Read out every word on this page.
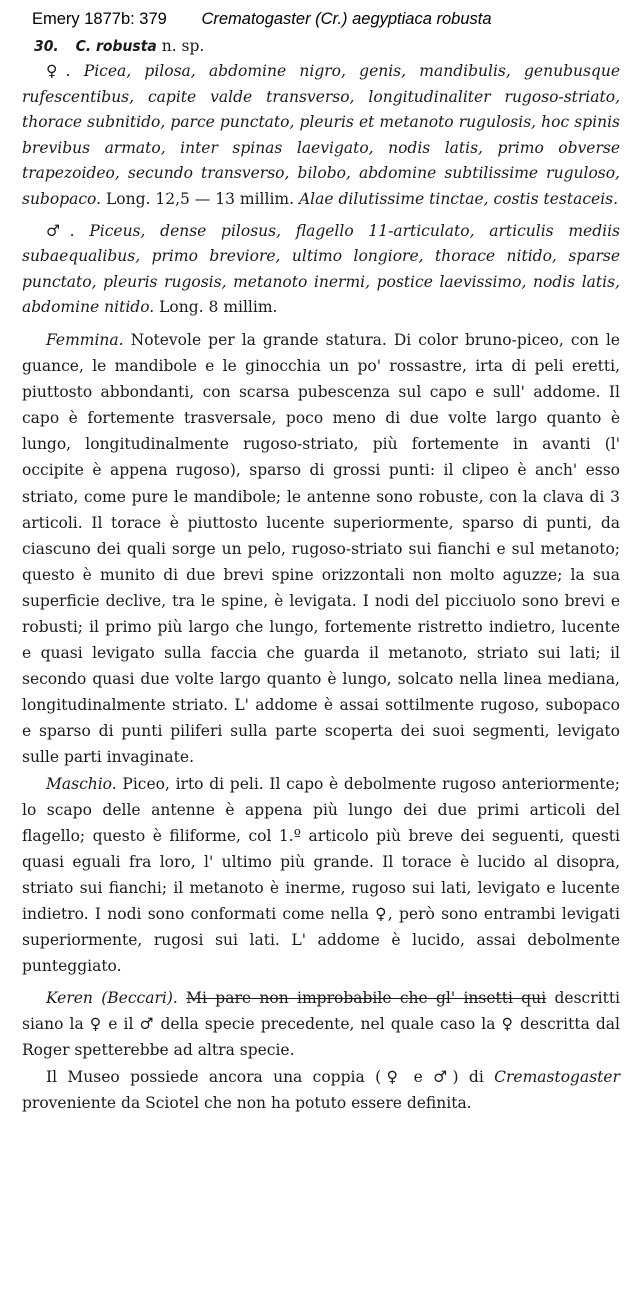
Emery 1877b: 379 Crematogaster (Cr.) aegyptiaca robusta

30. C. robusta n. sp.

♀. Picea, pilosa, abdomine nigro, genis, mandibulis, genubusque rufescentibus, capite valde transverso, longitudinaliter rugoso-striato, thorace subnitido, parce punctato, pleuris et metanoto rugulosis, hoc spinis brevibus armato, inter spinas laevigato, nodis latis, primo obverse trapezoideo, secundo transverso, bilobo, abdomine subtilissime ruguloso, subopaco. Long. 12,5 — 13 millim. Alae dilutissime tinctae, costis testaceis.

♂. Piceus, dense pilosus, flagello 11-articulato, articulis mediis subaequalibus, primo breviore, ultimo longiore, thorace nitido, sparse punctato, pleuris rugosis, metanoto inermi, postice laevissimo, nodis latis, abdomine nitido. Long. 8 millim.

Femmina. Notevole per la grande statura. Di color bruno-piceo, con le guance, le mandibole e le ginocchia un po' rossastre, irta di peli eretti, piuttosto abbondanti, con scarsa pubescenza sul capo e sull' addome. Il capo è fortemente trasversale, poco meno di due volte largo quanto è lungo, longitudinalmente rugoso-striato, più fortemente in avanti (l' occipite è appena rugoso), sparso di grossi punti: il clipeo è anch' esso striato, come pure le mandibole; le antenne sono robuste, con la clava di 3 articoli. Il torace è piuttosto lucente superiormente, sparso di punti, da ciascuno dei quali sorge un pelo, rugoso-striato sui fianchi e sul metanoto; questo è munito di due brevi spine orizzontali non molto aguzze; la sua superficie declive, tra le spine, è levigata. I nodi del picciuolo sono brevi e robusti; il primo più largo che lungo, fortemente ristretto indietro, lucente e quasi levigato sulla faccia che guarda il metanoto, striato sui lati; il secondo quasi due volte largo quanto è lungo, solcato nella linea mediana, longitudinalmente striato. L' addome è assai sottilmente rugoso, subopaco e sparso di punti piliferi sulla parte scoperta dei suoi segmenti, levigato sulle parti invaginate.

Maschio. Piceo, irto di peli. Il capo è debolmente rugoso anteriormente; lo scapo delle antenne è appena più lungo dei due primi articoli del flagello; questo è filiforme, col 1.º articolo più breve dei seguenti, questi quasi eguali fra loro, l' ultimo più grande. Il torace è lucido al disopra, striato sui fianchi; il metanoto è inerme, rugoso sui lati, levigato e lucente indietro. I nodi sono conformati come nella ♀, però sono entrambi levigati superiormente, rugosi sui lati. L' addome è lucido, assai debolmente punteggiato.

Keren (Beccari). Mi pare non improbabile che gl' insetti qui descritti siano la ♀ e il ♂ della specie precedente, nel quale caso la ♀ descritta dal Roger spetterebbe ad altra specie.

Il Museo possiede ancora una coppia (♀ e ♂) di Cremastogaster proveniente da Sciotel che non ha potuto essere definita.
